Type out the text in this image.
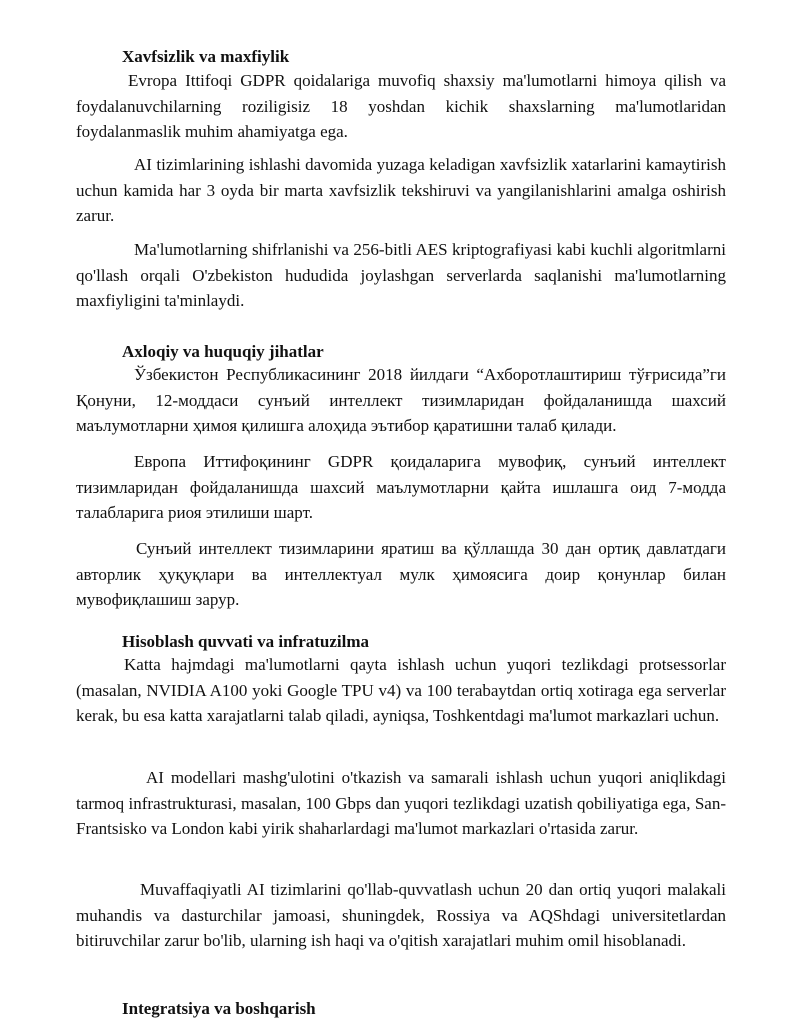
Xavfsizlik va maxfiylik

Evropa Ittifoqi GDPR qoidalariga muvofiq shaxsiy ma'lumotlarni himoya qilish va foydalanuvchilarning roziligisiz 18 yoshdan kichik shaxslarning ma'lumotlaridan foydalanmaslik muhim ahamiyatga ega.

AI tizimlarining ishlashi davomida yuzaga keladigan xavfsizlik xatarlarini kamaytirish uchun kamida har 3 oyda bir marta xavfsizlik tekshiruvi va yangilanishlarini amalga oshirish zarur.

Ma'lumotlarning shifrlanishi va 256-bitli AES kriptografiyasi kabi kuchli algoritmlarni qo'llash orqali O'zbekiston hududida joylashgan serverlarda saqlanishi ma'lumotlarning maxfiyligini ta'minlaydi.

Axloqiy va huquqiy jihatlar

Ўзбекистон Республикасининг 2018 йилдаги “Ахборотлаштириш тўғрисида”ги Қонуни, 12-моддаси сунъий интеллект тизимларидан фойдаланишда шахсий маълумотларни ҳимоя қилишга алоҳида эътибор қаратишни талаб қилади.

Европа Иттифоқининг GDPR қоидаларига мувофиқ, сунъий интеллект тизимларидан фойдаланишда шахсий маълумотларни қайта ишлашга оид 7-модда талабларига риоя этилиши шарт.

Сунъий интеллект тизимларини яратиш ва қўллашда 30 дан ортиқ давлатдаги авторлик ҳуқуқлари ва интеллектуал мулк ҳимоясига доир қонунлар билан мувофиқлашиш зарур.

Hisoblash quvvati va infratuzilma

Katta hajmdagi ma'lumotlarni qayta ishlash uchun yuqori tezlikdagi protsessorlar (masalan, NVIDIA A100 yoki Google TPU v4) va 100 terabaytdan ortiq xotiraga ega serverlar kerak, bu esa katta xarajatlarni talab qiladi, ayniqsa, Toshkentdagi ma'lumot markazlari uchun.

AI modellari mashg'ulotini o'tkazish va samarali ishlash uchun yuqori aniqlikdagi tarmoq infrastrukturasi, masalan, 100 Gbps dan yuqori tezlikdagi uzatish qobiliyatiga ega, San-Frantsisko va London kabi yirik shaharlardagi ma'lumot markazlari o'rtasida zarur.

Muvaffaqiyatli AI tizimlarini qo'llab-quvvatlash uchun 20 dan ortiq yuqori malakali muhandis va dasturchilar jamoasi, shuningdek, Rossiya va AQShdagi universitetlardan bitiruvchilar zarur bo'lib, ularning ish haqi va o'qitish xarajatlari muhim omil hisoblanadi.

Integratsiya va boshqarish
